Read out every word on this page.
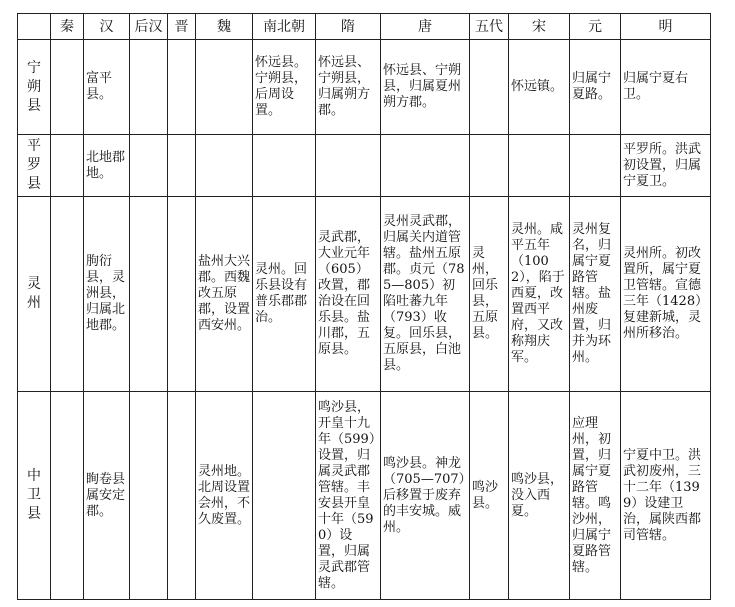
	秦	汉	后汉	晋	魏	南北朝	隋	唐	五代	宋	元	明

宁朔县		富平县。				怀远县。宁朔县，后周设置。	怀远县、宁朔县，归属朔方郡。	怀远县、宁朔县，归属夏州朔方郡。		怀远镇。	归属宁夏路。	归属宁夏右卫。

平罗县		北地郡地。										平罗所。洪武初设置，归属宁夏卫。

灵州		朐衍县，灵洲县，归属北地郡。			盐州大兴郡。西魏改五原郡，设置西安州。	灵州。回乐县设有普乐郡郡治。	灵武郡，大业元年（605）改置，郡治设在回乐县。盐川郡，五原县。	灵州灵武郡，归属关内道管辖。盐州五原郡。贞元（785—805）初陷吐蕃九年（793）收复。回乐县，五原县，白池县。	灵州，回乐县，五原县。	灵州。咸平五年（1002），陷于西夏，改置西平府，又改称翔庆军。	灵州复名，归属宁夏路管辖。盐州废置，归并为环州。	灵州所。初改置所，属宁夏卫管辖。宣德三年（1428）复建新城，灵州所移治。

中卫县		眴卷县属安定郡。			灵州地。北周设置会州，不久废置。		鸣沙县，开皇十九年（599）设置，归属灵武郡管辖。丰安县开皇十年（590）设置，归属灵武郡管辖。	鸣沙县。神龙（705—707）后移置于废弃的丰安城。威州。	鸣沙县。	鸣沙县，没入西夏。	应理州，初置，归属宁夏路管辖。鸣沙州，归属宁夏路管辖。	宁夏中卫。洪武初废州，三十二年（1399）设建卫治，属陕西都司管辖。
